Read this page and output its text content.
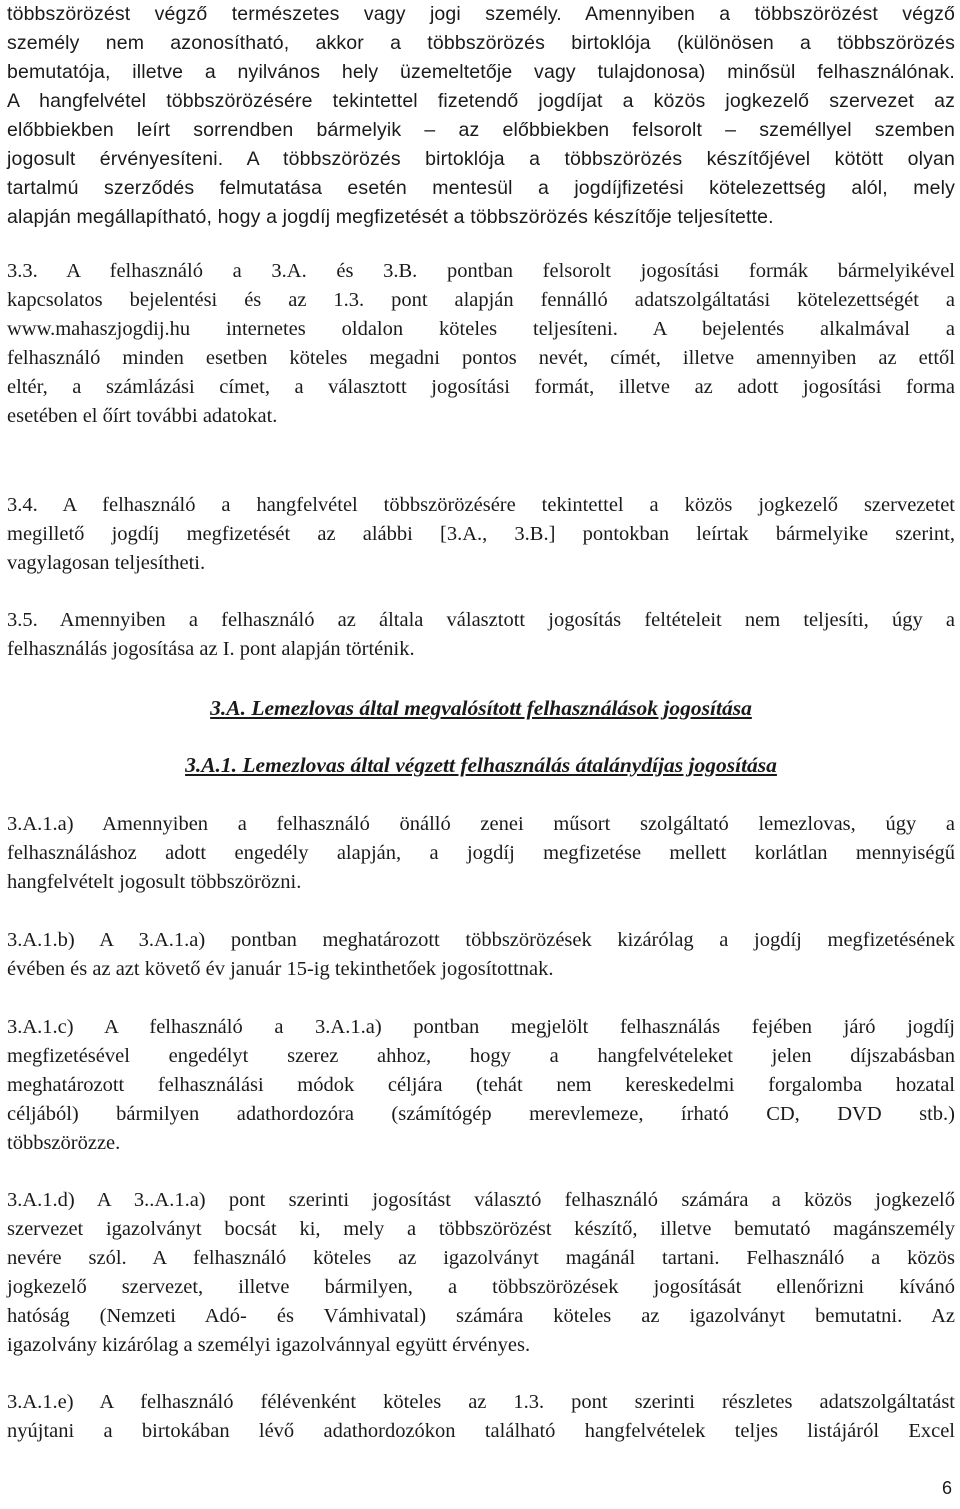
többszörözést végző természetes vagy jogi személy. Amennyiben a többszörözést végző
személy nem azonosítható, akkor a többszörözés birtoklója (különösen a többszörözés
bemutatója, illetve a nyilvános hely üzemeltetője vagy tulajdonosa) minősül felhasználónak.
A hangfelvétel többszörözésére tekintettel fizetendő jogdíjat a közös jogkezelő szervezet az
előbbiekben leírt sorrendben bármelyik – az előbbiekben felsorolt – személlyel szemben
jogosult érvényesíteni. A többszörözés birtoklója a többszörözés készítőjével kötött olyan
tartalmú szerződés felmutatása esetén mentesül a jogdíjfizetési kötelezettség alól, mely
alapján megállapítható, hogy a jogdíj megfizetését a többszörözés készítője teljesítette.
3.3. A felhasználó a 3.A. és 3.B. pontban felsorolt jogosítási formák bármelyikével
kapcsolatos bejelentési és az 1.3. pont alapján fennálló adatszolgáltatási kötelezettségét a
www.mahaszjogdij.hu internetes oldalon köteles teljesíteni. A bejelentés alkalmával a
felhasználó minden esetben köteles megadni pontos nevét, címét, illetve amennyiben az ettől
eltér, a számlázási címet, a választott jogosítási formát, illetve az adott jogosítási forma
esetében el őírt további adatokat.
3.4. A felhasználó a hangfelvétel többszörözésére tekintettel a közös jogkezelő szervezetet
megillető jogdíj megfizetését az alábbi [3.A., 3.B.] pontokban leírtak bármelyike szerint,
vagylagosan teljesítheti.
3.5. Amennyiben a felhasználó az általa választott jogosítás feltételeit nem teljesíti, úgy a
felhasználás jogosítása az I. pont alapján történik.
3.A. Lemezlovas által megvalósított felhasználások jogosítása
3.A.1. Lemezlovas által végzett felhasználás átalánydíjas jogosítása
3.A.1.a) Amennyiben a felhasználó önálló zenei műsort szolgáltató lemezlovas, úgy a
felhasználáshoz adott engedély alapján, a jogdíj megfizetése mellett korlátlan mennyiségű
hangfelvételt jogosult többszörözni.
3.A.1.b) A 3.A.1.a) pontban meghatározott többszörözések kizárólag a jogdíj megfizetésének
évében és az azt követő év január 15-ig tekinthetőek jogosítottnak.
3.A.1.c) A felhasználó a 3.A.1.a) pontban megjelölt felhasználás fejében járó jogdíj
megfizetésével engedélyt szerez ahhoz, hogy a hangfelvételeket jelen díjszabásban
meghatározott felhasználási módok céljára (tehát nem kereskedelmi forgalomba hozatal
céljából) bármilyen adathordozóra (számítógép merevlemeze, írható CD, DVD stb.)
többszörözze.
3.A.1.d) A 3..A.1.a) pont szerinti jogosítást választó felhasználó számára a közös jogkezelő
szervezet igazolványt bocsát ki, mely a többszörözést készítő, illetve bemutató magánszemély
nevére szól. A felhasználó köteles az igazolványt magánál tartani. Felhasználó a közös
jogkezelő szervezet, illetve bármilyen, a többszörözések jogosítását ellenőrizni kívánó
hatóság (Nemzeti Adó- és Vámhivatal) számára köteles az igazolványt bemutatni. Az
igazolvány kizárólag a személyi igazolvánnyal együtt érvényes.
3.A.1.e) A felhasználó félévenként köteles az 1.3. pont szerinti részletes adatszolgáltatást
nyújtani a birtokában lévő adathordozókon található hangfelvételek teljes listájáról Excel
6
